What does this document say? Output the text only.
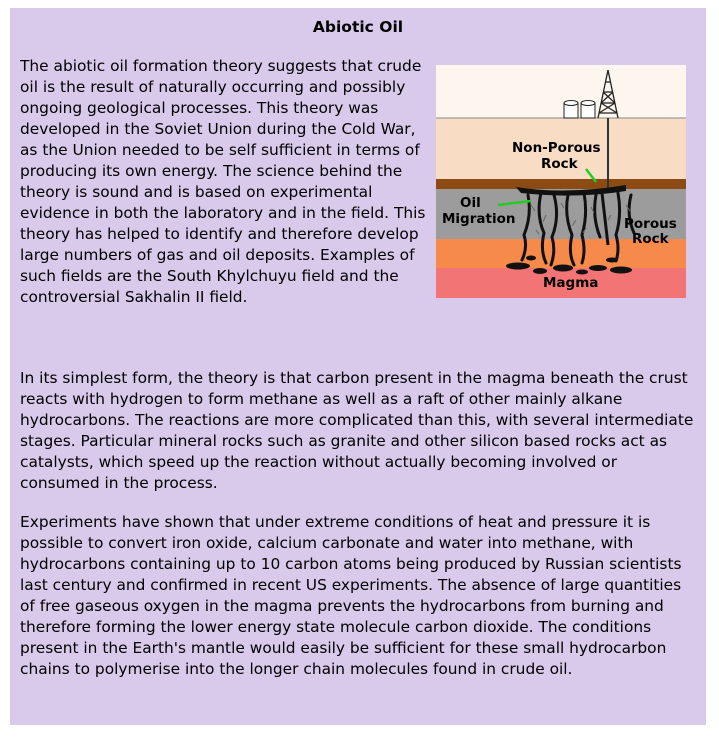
Abiotic Oil

The abiotic oil formation theory suggests that crude oil is the result of naturally occurring and possibly ongoing geological processes. This theory was developed in the Soviet Union during the Cold War, as the Union needed to be self sufficient in terms of producing its own energy. The science behind the theory is sound and is based on experimental evidence in both the laboratory and in the field. This theory has helped to identify and therefore develop large numbers of gas and oil deposits. Examples of such fields are the South Khylchuyu field and the controversial Sakhalin II field.

Non-Porous
Rock
Oil
Migration	Porous
Rock
Magma

In its simplest form, the theory is that carbon present in the magma beneath the crust reacts with hydrogen to form methane as well as a raft of other mainly alkane hydrocarbons. The reactions are more complicated than this, with several intermediate stages. Particular mineral rocks such as granite and other silicon based rocks act as catalysts, which speed up the reaction without actually becoming involved or consumed in the process.

Experiments have shown that under extreme conditions of heat and pressure it is possible to convert iron oxide, calcium carbonate and water into methane, with hydrocarbons containing up to 10 carbon atoms being produced by Russian scientists last century and confirmed in recent US experiments. The absence of large quantities of free gaseous oxygen in the magma prevents the hydrocarbons from burning and therefore forming the lower energy state molecule carbon dioxide. The conditions present in the Earth's mantle would easily be sufficient for these small hydrocarbon chains to polymerise into the longer chain molecules found in crude oil.
